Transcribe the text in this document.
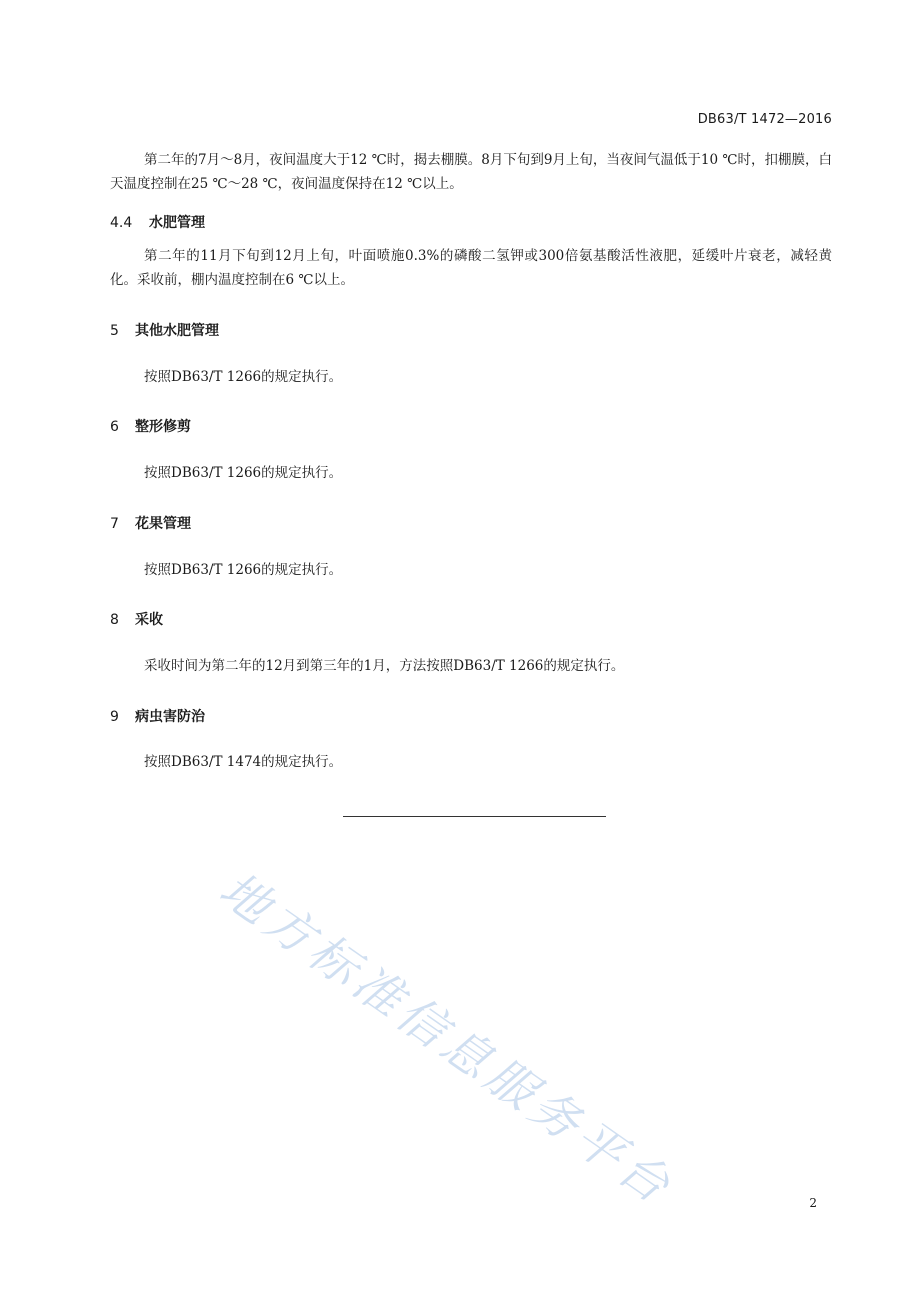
DB63/T 1472—2016

第二年的7月～8月，夜间温度大于12 ℃时，揭去棚膜。8月下旬到9月上旬，当夜间气温低于10 ℃时，扣棚膜，白天温度控制在25 ℃～28 ℃，夜间温度保持在12 ℃以上。

4.4 水肥管理

第二年的11月下旬到12月上旬，叶面喷施0.3%的磷酸二氢钾或300倍氨基酸活性液肥，延缓叶片衰老，减轻黄化。采收前，棚内温度控制在6 ℃以上。

5 其他水肥管理

按照DB63/T 1266的规定执行。

6 整形修剪

按照DB63/T 1266的规定执行。

7 花果管理

按照DB63/T 1266的规定执行。

8 采收

采收时间为第二年的12月到第三年的1月，方法按照DB63/T 1266的规定执行。

9 病虫害防治

按照DB63/T 1474的规定执行。

地方标准信息服务平台	2
